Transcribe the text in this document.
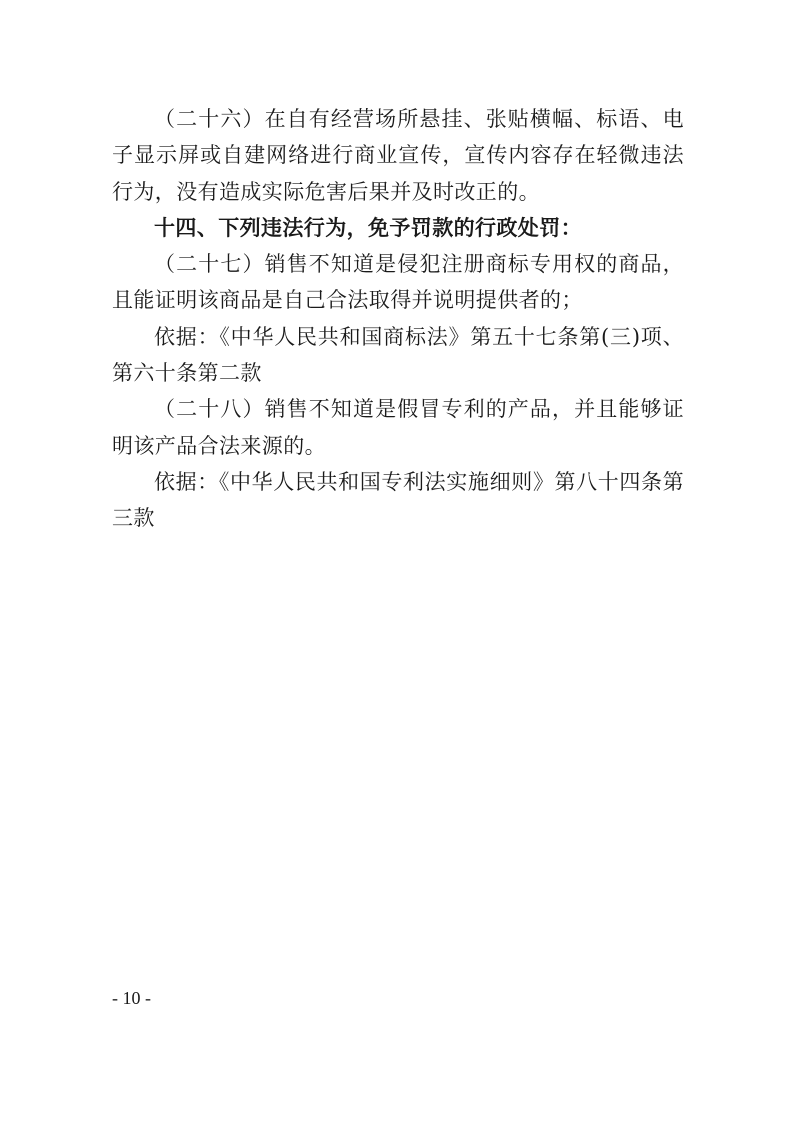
（二十六）在自有经营场所悬挂、张贴横幅、标语、电子显示屏或自建网络进行商业宣传，宣传内容存在轻微违法行为，没有造成实际危害后果并及时改正的。

十四、下列违法行为，免予罚款的行政处罚：

（二十七）销售不知道是侵犯注册商标专用权的商品，且能证明该商品是自己合法取得并说明提供者的；

依据：《中华人民共和国商标法》第五十七条第(三)项、第六十条第二款

（二十八）销售不知道是假冒专利的产品，并且能够证明该产品合法来源的。

依据：《中华人民共和国专利法实施细则》第八十四条第三款

- 10 -
